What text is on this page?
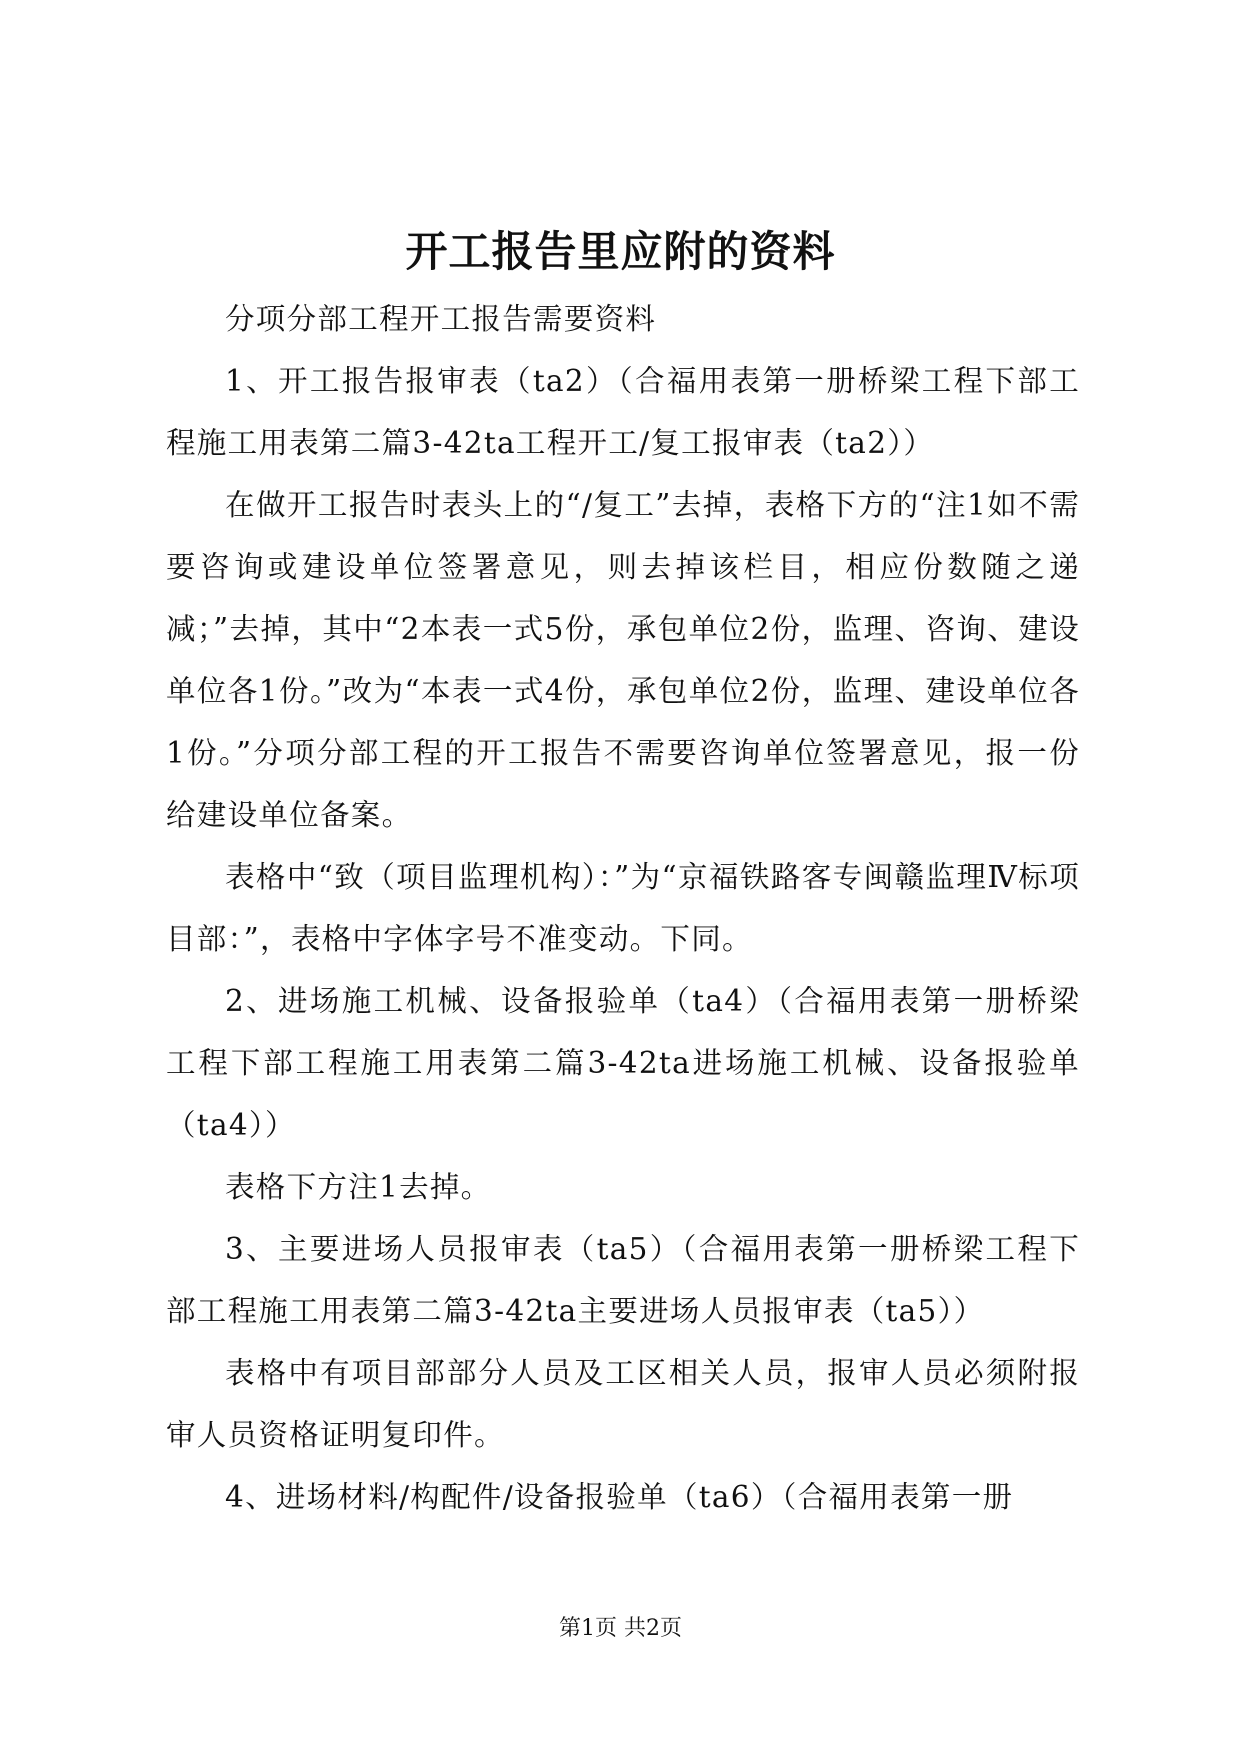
开工报告里应附的资料

分项分部工程开工报告需要资料

1、开工报告报审表（ta2）（合福用表第一册桥梁工程下部工程施工用表第二篇3-42ta工程开工/复工报审表（ta2））

在做开工报告时表头上的“/复工”去掉，表格下方的“注1如不需要咨询或建设单位签署意见，则去掉该栏目，相应份数随之递减；”去掉，其中“2本表一式5份，承包单位2份，监理、咨询、建设单位各1份。”改为“本表一式4份，承包单位2份，监理、建设单位各1份。”分项分部工程的开工报告不需要咨询单位签署意见，报一份给建设单位备案。

表格中“致（项目监理机构）：”为“京福铁路客专闽赣监理Ⅳ标项目部：”，表格中字体字号不准变动。下同。

2、进场施工机械、设备报验单（ta4）（合福用表第一册桥梁工程下部工程施工用表第二篇3-42ta进场施工机械、设备报验单（ta4））

表格下方注1去掉。

3、主要进场人员报审表（ta5）（合福用表第一册桥梁工程下部工程施工用表第二篇3-42ta主要进场人员报审表（ta5））

表格中有项目部部分人员及工区相关人员，报审人员必须附报审人员资格证明复印件。

4、进场材料/构配件/设备报验单（ta6）（合福用表第一册

第1页 共2页
